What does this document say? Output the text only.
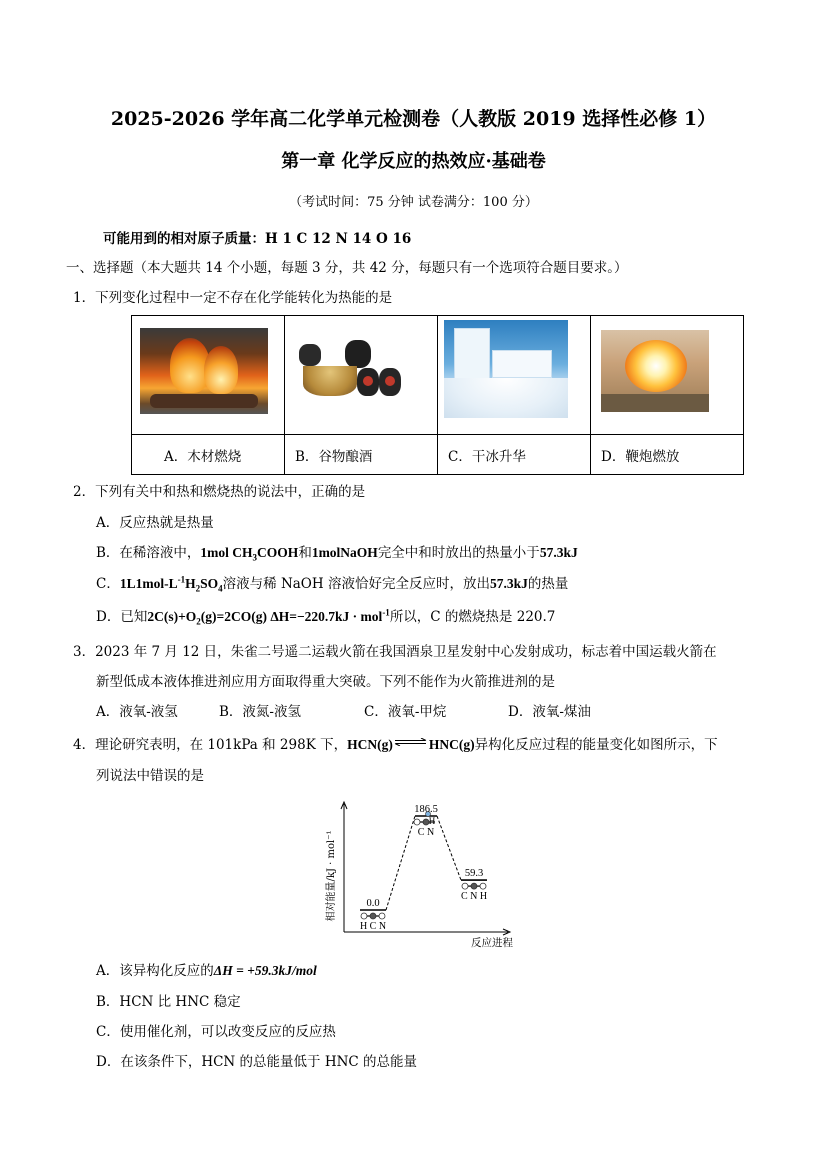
2025-2026 学年高二化学单元检测卷（人教版 2019 选择性必修 1）
第一章 化学反应的热效应·基础卷
（考试时间：75 分钟 试卷满分：100 分）
可能用到的相对原子质量：H 1 C 12 N 14 O 16
一、选择题（本大题共 14 个小题，每题 3 分，共 42 分，每题只有一个选项符合题目要求。）
1．下列变化过程中一定不存在化学能转化为热能的是

A．木材燃烧	B．谷物酿酒	C．干冰升华	D．鞭炮燃放
2．下列有关中和热和燃烧热的说法中，正确的是
A．反应热就是热量
B．在稀溶液中，1mol $CH_3COOH$和1molNaOH完全中和时放出的热量小于57.3kJ
C．$1L1mol-L^{-1}H_2SO_4$溶液与稀 NaOH 溶液恰好完全反应时，放出57.3kJ的热量
D．已知$2C(s)+O_2(g)=2CO(g) \Delta H=-220.7kJ \cdot mol^{-1}$所以，C 的燃烧热是 220.7
3．2023 年 7 月 12 日，朱雀二号遥二运载火箭在我国酒泉卫星发射中心发射成功，标志着中国运载火箭在
新型低成本液体推进剂应用方面取得重大突破。下列不能作为火箭推进剂的是
A．液氧-液氢	B．液氮-液氢	C．液氧-甲烷	D．液氧-煤油
4．理论研究表明，在 101kPa 和 298K 下，HCN(g)⇌HNC(g)异构化反应过程的能量变化如图所示，下
列说法中错误的是
相对能量/kJ · mol⁻¹
反应进程
0.0
186.5
59.3
H C N
C N
C N H
H
A．该异构化反应的ΔH = +59.3kJ/mol
B．HCN 比 HNC 稳定
C．使用催化剂，可以改变反应的反应热
D．在该条件下，HCN 的总能量低于 HNC 的总能量
